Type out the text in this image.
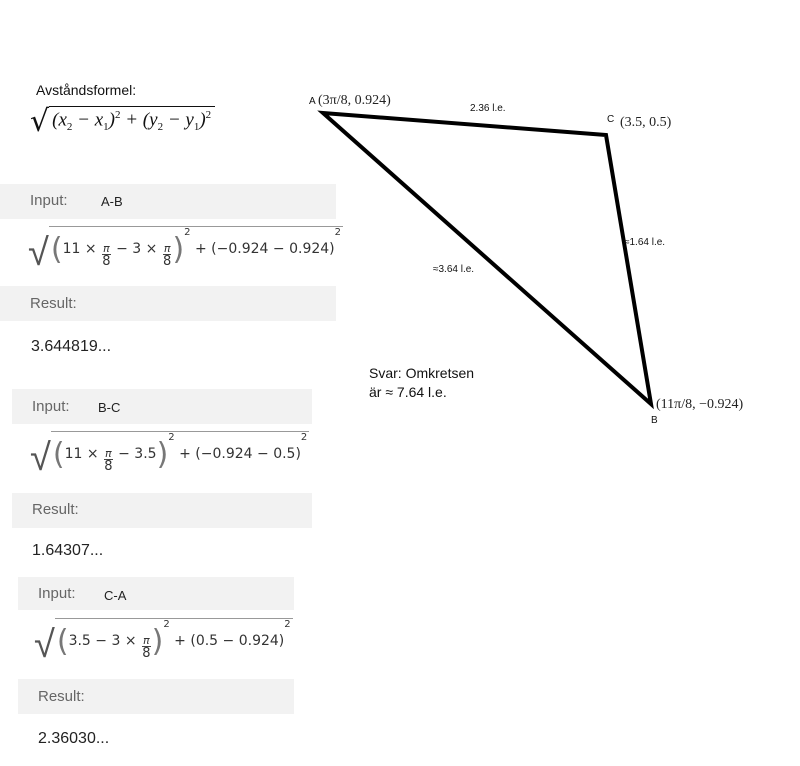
Avståndsformel:
√ $(x_2 - x_1)^2 + (y_2 - y_1)^2$
Input:	A-B
$√(11 \times \frac{\pi}{8} - 3 \times \frac{\pi}{8} )^2 + (-0.924 - 0.924)^2$
Result:
3.644819...
Input: B-C
$√(11 \times \frac{\pi}{8} - 3.5)^2 + (-0.924 - 0.5)^2$
Result:
1.64307...
Input: C-A
$√(3.5 - 3 \times \frac{\pi}{8} )^2 + (0.5 - 0.924)^2$
Result:
2.36030...
A (3π/8, 0.924)
C (3.5, 0.5)
B
(11π/8, −0.924)
2.36 l.e.
≈1.64 l.e.
≈3.64 l.e.
Svar: Omkretsen
är ≈ 7.64 l.e.
